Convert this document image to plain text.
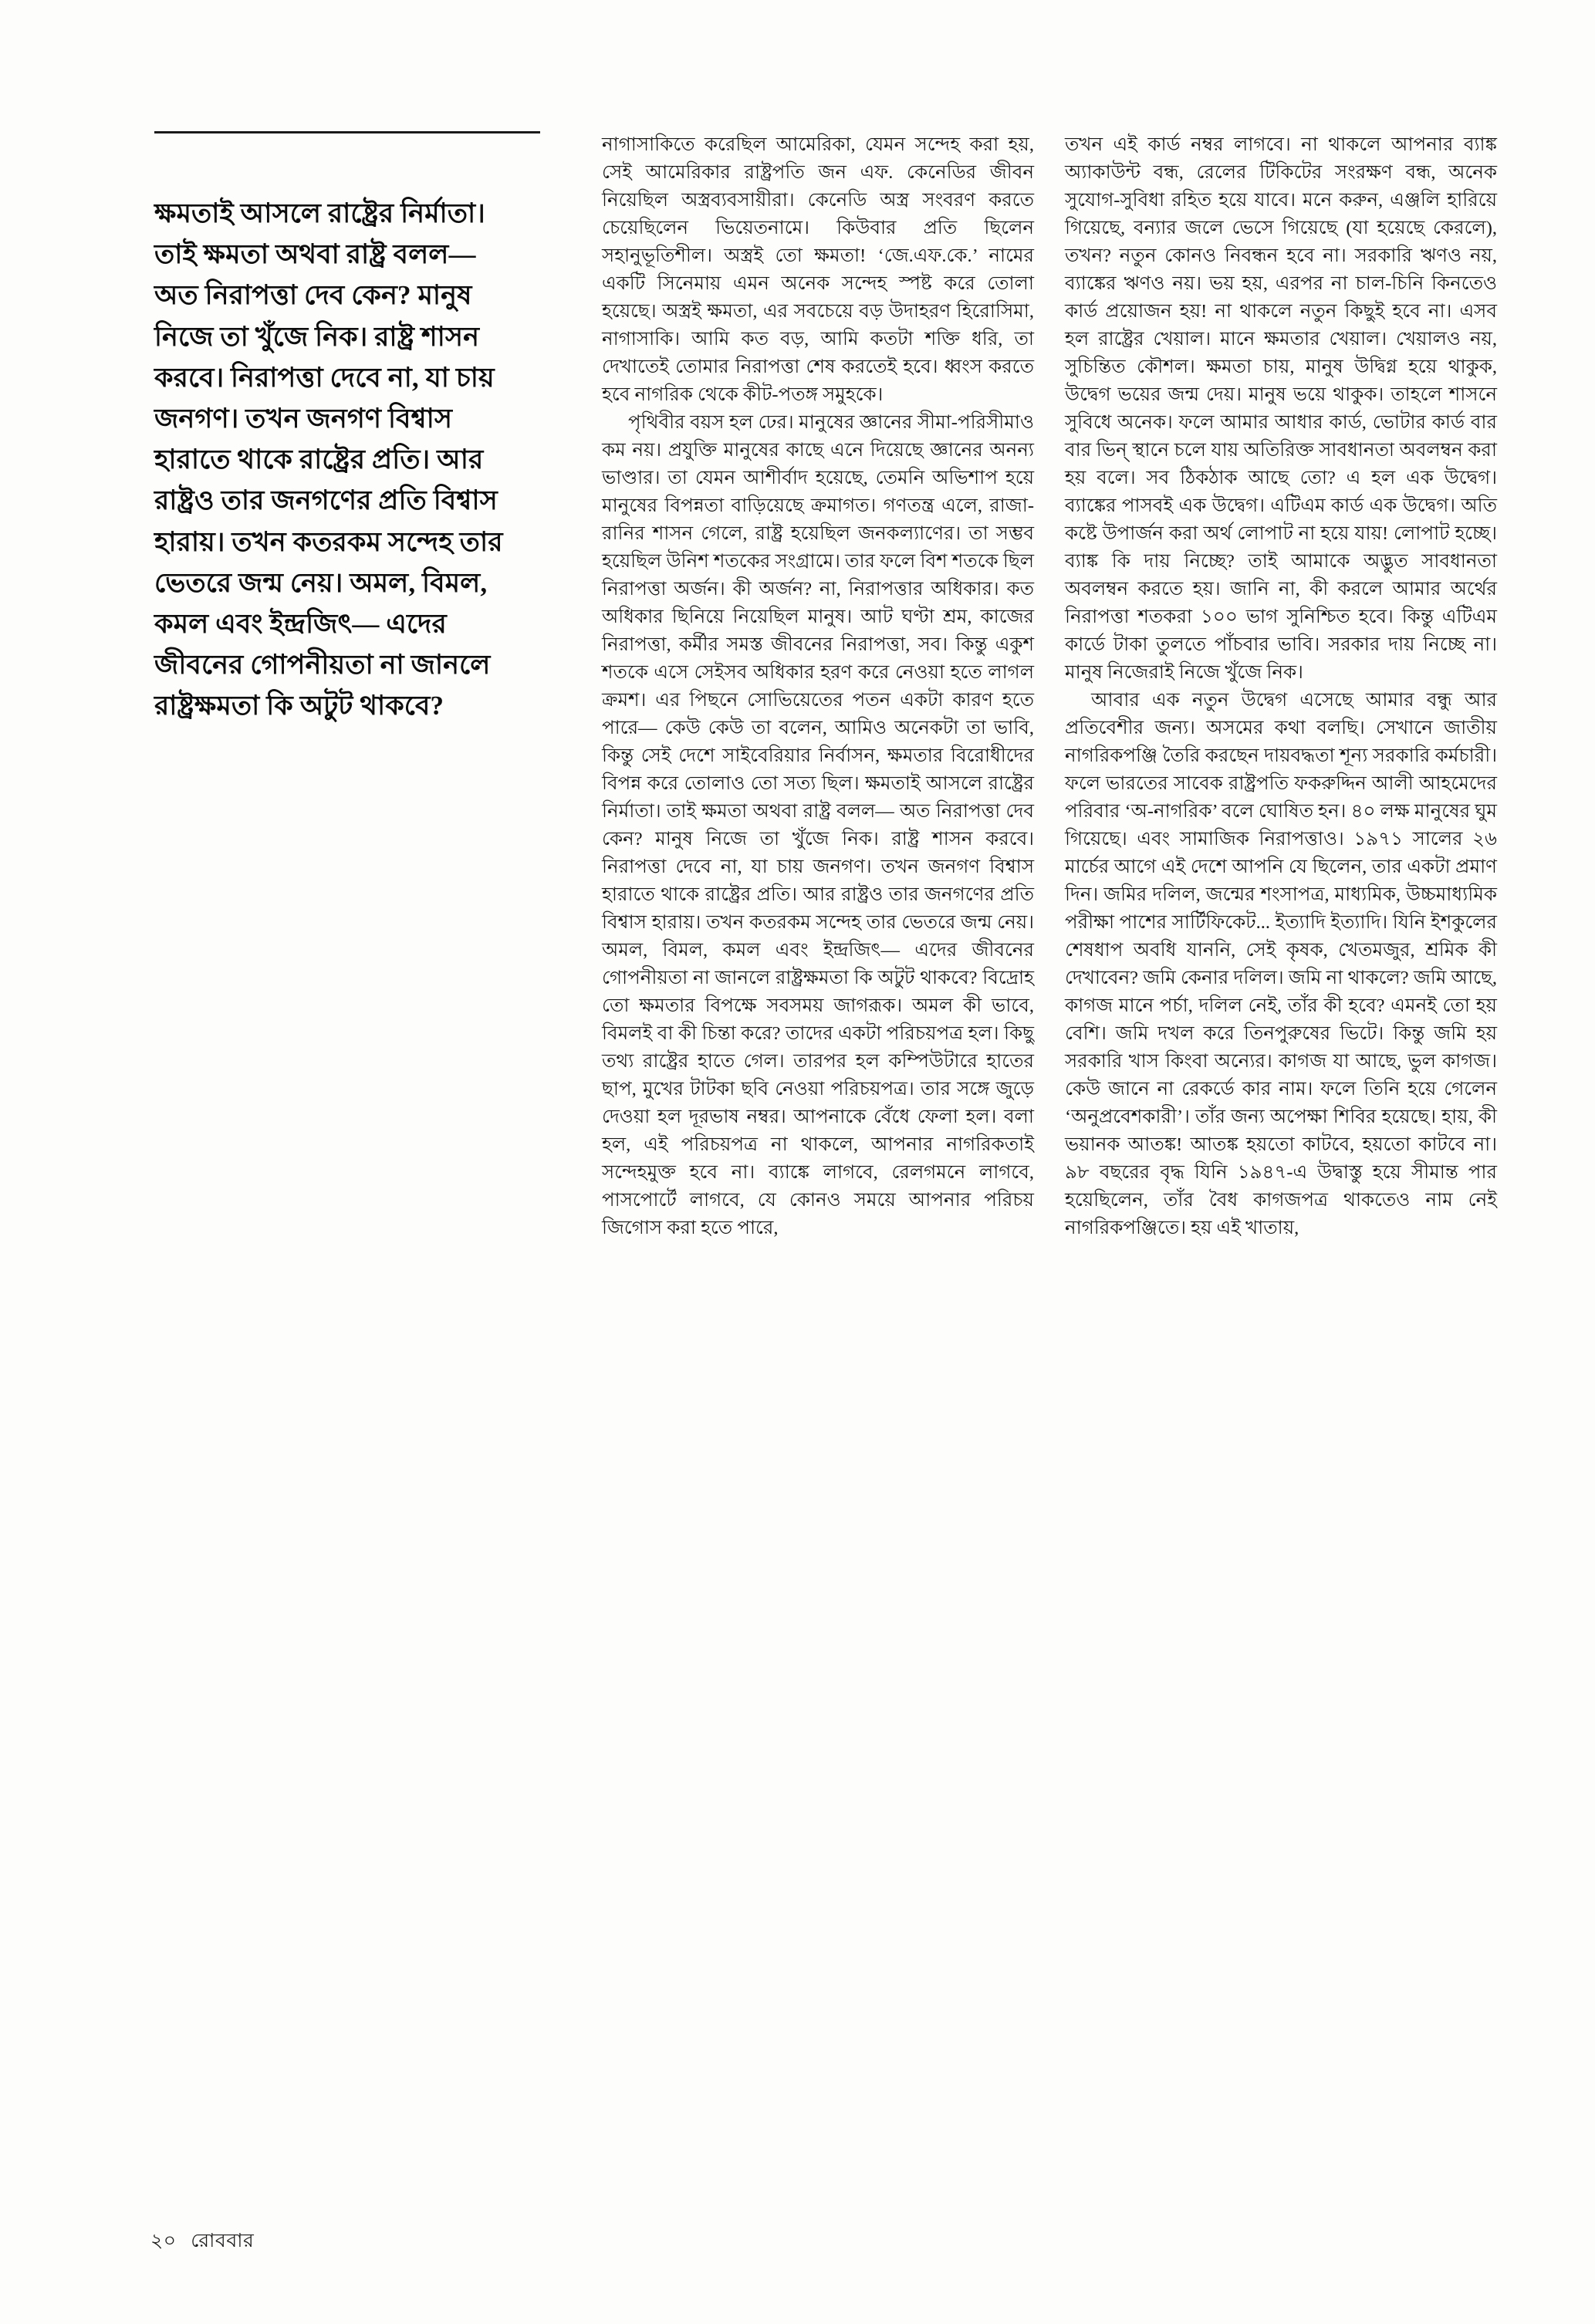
ক্ষমতাই আসলে রাষ্ট্রের নির্মাতা। তাই ক্ষমতা অথবা রাষ্ট্র বলল— অত নিরাপত্তা দেব কেন? মানুষ নিজে তা খুঁজে নিক। রাষ্ট্র শাসন করবে। নিরাপত্তা দেবে না, যা চায় জনগণ। তখন জনগণ বিশ্বাস হারাতে থাকে রাষ্ট্রের প্রতি। আর রাষ্ট্রও তার জনগণের প্রতি বিশ্বাস হারায়। তখন কতরকম সন্দেহ তার ভেতরে জন্ম নেয়। অমল, বিমল, কমল এবং ইন্দ্রজিৎ— এদের জীবনের গোপনীয়তা না জানলে রাষ্ট্রক্ষমতা কি অটুট থাকবে?

নাগাসাকিতে করেছিল আমেরিকা, যেমন সন্দেহ করা হয়, সেই আমেরিকার রাষ্ট্রপতি জন এফ. কেনেডির জীবন নিয়েছিল অস্ত্রব্যবসায়ীরা। কেনেডি অস্ত্র সংবরণ করতে চেয়েছিলেন ভিয়েতনামে। কিউবার প্রতি ছিলেন সহানুভূতিশীল। অস্ত্রই তো ক্ষমতা! ‘জে.এফ.কে.’ নামের একটি সিনেমায় এমন অনেক সন্দেহ স্পষ্ট করে তোলা হয়েছে। অস্ত্রই ক্ষমতা, এর সবচেয়ে বড় উদাহরণ হিরোসিমা, নাগাসাকি। আমি কত বড়, আমি কতটা শক্তি ধরি, তা দেখাতেই তোমার নিরাপত্তা শেষ করতেই হবে। ধ্বংস করতে হবে নাগরিক থেকে কীট-পতঙ্গ সমুহকে।

পৃথিবীর বয়স হল ঢের। মানুষের জ্ঞানের সীমা-পরিসীমাও কম নয়। প্রযুক্তি মানুষের কাছে এনে দিয়েছে জ্ঞানের অনন্য ভাণ্ডার। তা যেমন আশীর্বাদ হয়েছে, তেমনি অভিশাপ হয়ে মানুষের বিপন্নতা বাড়িয়েছে ক্রমাগত। গণতন্ত্র এলে, রাজা-রানির শাসন গেলে, রাষ্ট্র হয়েছিল জনকল্যাণের। তা সম্ভব হয়েছিল উনিশ শতকের সংগ্রামে। তার ফলে বিশ শতকে ছিল নিরাপত্তা অর্জন। কী অর্জন? না, নিরাপত্তার অধিকার। কত অধিকার ছিনিয়ে নিয়েছিল মানুষ। আট ঘণ্টা শ্রম, কাজের নিরাপত্তা, কর্মীর সমস্ত জীবনের নিরাপত্তা, সব। কিন্তু একুশ শতকে এসে সেইসব অধিকার হরণ করে নেওয়া হতে লাগল ক্রমশ। এর পিছনে সোভিয়েতের পতন একটা কারণ হতে পারে— কেউ কেউ তা বলেন, আমিও অনেকটা তা ভাবি, কিন্তু সেই দেশে সাইবেরিয়ার নির্বাসন, ক্ষমতার বিরোধীদের বিপন্ন করে তোলাও তো সত্য ছিল। ক্ষমতাই আসলে রাষ্ট্রের নির্মাতা। তাই ক্ষমতা অথবা রাষ্ট্র বলল— অত নিরাপত্তা দেব কেন? মানুষ নিজে তা খুঁজে নিক। রাষ্ট্র শাসন করবে। নিরাপত্তা দেবে না, যা চায় জনগণ। তখন জনগণ বিশ্বাস হারাতে থাকে রাষ্ট্রের প্রতি। আর রাষ্ট্রও তার জনগণের প্রতি বিশ্বাস হারায়। তখন কতরকম সন্দেহ তার ভেতরে জন্ম নেয়। অমল, বিমল, কমল এবং ইন্দ্রজিৎ— এদের জীবনের গোপনীয়তা না জানলে রাষ্ট্রক্ষমতা কি অটুট থাকবে? বিদ্রোহ তো ক্ষমতার বিপক্ষে সবসময় জাগরূক। অমল কী ভাবে, বিমলই বা কী চিন্তা করে? তাদের একটা পরিচয়পত্র হল। কিছু তথ্য রাষ্ট্রের হাতে গেল। তারপর হল কম্পিউটারে হাতের ছাপ, মুখের টাটকা ছবি নেওয়া পরিচয়পত্র। তার সঙ্গে জুড়ে দেওয়া হল দূরভাষ নম্বর। আপনাকে বেঁধে ফেলা হল। বলা হল, এই পরিচয়পত্র না থাকলে, আপনার নাগরিকতাই সন্দেহমুক্ত হবে না। ব্যাঙ্কে লাগবে, রেলগমনে লাগবে, পাসপোর্টে লাগবে, যে কোনও সময়ে আপনার পরিচয় জিগোস করা হতে পারে,

তখন এই কার্ড নম্বর লাগবে। না থাকলে আপনার ব্যাঙ্ক অ্যাকাউন্ট বন্ধ, রেলের টিকিটের সংরক্ষণ বন্ধ, অনেক সুযোগ-সুবিধা রহিত হয়ে যাবে। মনে করুন, এঞ্জলি হারিয়ে গিয়েছে, বন্যার জলে ভেসে গিয়েছে (যা হয়েছে কেরলে), তখন? নতুন কোনও নিবন্ধন হবে না। সরকারি ঋণও নয়, ব্যাঙ্কের ঋণও নয়। ভয় হয়, এরপর না চাল-চিনি কিনতেও কার্ড প্রয়োজন হয়! না থাকলে নতুন কিছুই হবে না। এসব হল রাষ্ট্রের খেয়াল। মানে ক্ষমতার খেয়াল। খেয়ালও নয়, সুচিন্তিত কৌশল। ক্ষমতা চায়, মানুষ উদ্বিগ্ন হয়ে থাকুক, উদ্বেগ ভয়ের জন্ম দেয়। মানুষ ভয়ে থাকুক। তাহলে শাসনে সুবিধে অনেক। ফলে আমার আধার কার্ড, ভোটার কার্ড বার বার ভিন্ স্থানে চলে যায় অতিরিক্ত সাবধানতা অবলম্বন করা হয় বলে। সব ঠিকঠাক আছে তো? এ হল এক উদ্বেগ। ব্যাঙ্কের পাসবই এক উদ্বেগ। এটিএম কার্ড এক উদ্বেগ। অতি কষ্টে উপার্জন করা অর্থ লোপাট না হয়ে যায়! লোপাট হচ্ছে। ব্যাঙ্ক কি দায় নিচ্ছে? তাই আমাকে অদ্ভুত সাবধানতা অবলম্বন করতে হয়। জানি না, কী করলে আমার অর্থের নিরাপত্তা শতকরা ১০০ ভাগ সুনিশ্চিত হবে। কিন্তু এটিএম কার্ডে টাকা তুলতে পাঁচবার ভাবি। সরকার দায় নিচ্ছে না। মানুষ নিজেরাই নিজে খুঁজে নিক।

আবার এক নতুন উদ্বেগ এসেছে আমার বন্ধু আর প্রতিবেশীর জন্য। অসমের কথা বলছি। সেখানে জাতীয় নাগরিকপঞ্জি তৈরি করছেন দায়বদ্ধতা শূন্য সরকারি কর্মচারী। ফলে ভারতের সাবেক রাষ্ট্রপতি ফকরুদ্দিন আলী আহমেদের পরিবার ‘অ-নাগরিক’ বলে ঘোষিত হন। ৪০ লক্ষ মানুষের ঘুম গিয়েছে। এবং সামাজিক নিরাপত্তাও। ১৯৭১ সালের ২৬ মার্চের আগে এই দেশে আপনি যে ছিলেন, তার একটা প্রমাণ দিন। জমির দলিল, জন্মের শংসাপত্র, মাধ্যমিক, উচ্চমাধ্যমিক পরীক্ষা পাশের সার্টিফিকেট... ইত্যাদি ইত্যাদি। যিনি ইশকুলের শেষধাপ অবধি যাননি, সেই কৃষক, খেতমজুর, শ্রমিক কী দেখাবেন? জমি কেনার দলিল। জমি না থাকলে? জমি আছে, কাগজ মানে পর্চা, দলিল নেই, তাঁর কী হবে? এমনই তো হয় বেশি। জমি দখল করে তিনপুরুষের ভিটে। কিন্তু জমি হয় সরকারি খাস কিংবা অন্যের। কাগজ যা আছে, ভুল কাগজ। কেউ জানে না রেকর্ডে কার নাম। ফলে তিনি হয়ে গেলেন ‘অনুপ্রবেশকারী’। তাঁর জন্য অপেক্ষা শিবির হয়েছে। হায়, কী ভয়ানক আতঙ্ক! আতঙ্ক হয়তো কাটবে, হয়তো কাটবে না। ৯৮ বছরের বৃদ্ধ যিনি ১৯৪৭-এ উদ্বাস্তু হয়ে সীমান্ত পার হয়েছিলেন, তাঁর বৈধ কাগজপত্র থাকতেও নাম নেই নাগরিকপঞ্জিতে। হয় এই খাতায়,

২০ রোববার
